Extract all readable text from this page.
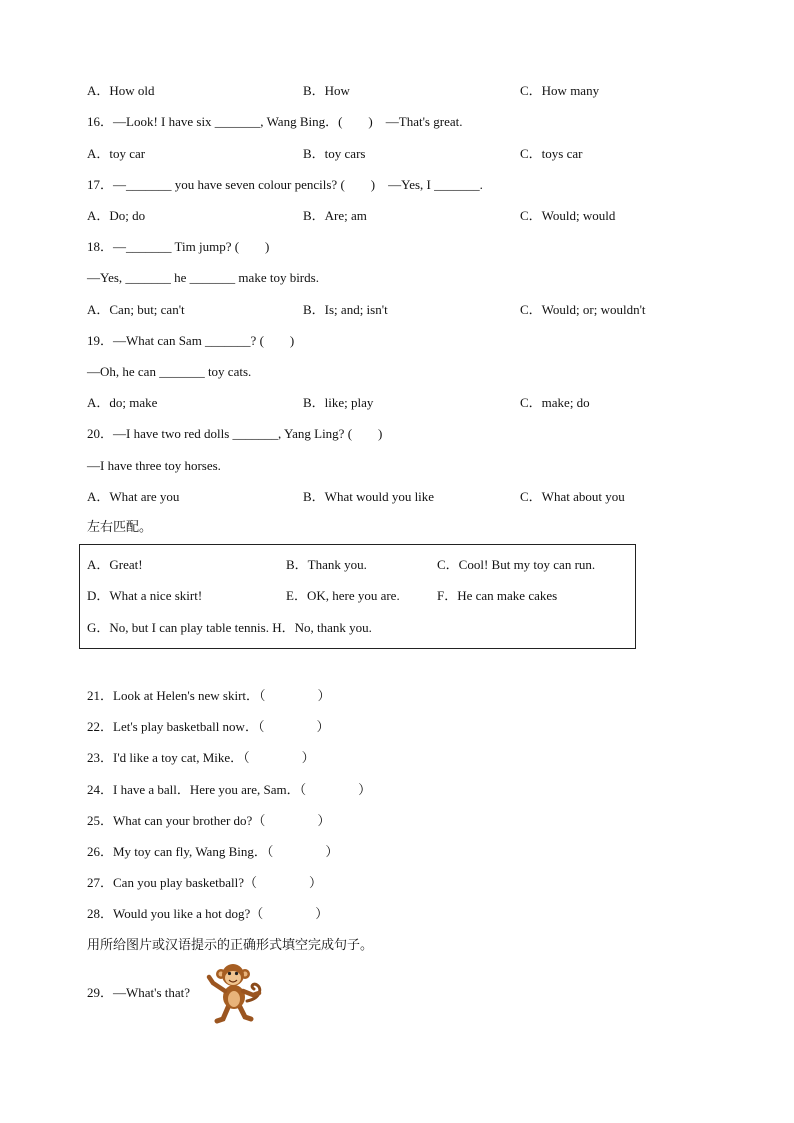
A．How old	B．How	C．How many
16．—Look! I have six _______, Wang Bing．(　　)　—That's great.
A．toy car	B．toy cars	C．toys car
17．—_______ you have seven colour pencils? (　　)　—Yes, I _______.
A．Do; do	B．Are; am	C．Would; would
18．—_______ Tim jump? (　　)
—Yes, _______ he _______ make toy birds.
A．Can; but; can't	B．Is; and; isn't	C．Would; or; wouldn't
19．—What can Sam _______? (　　)
—Oh, he can _______ toy cats.
A．do; make	B．like; play	C．make; do
20．—I have two red dolls _______, Yang Ling? (　　)
—I have three toy horses.
A．What are you	B．What would you like	C．What about you
左右匹配。
A．Great!	B．Thank you.	C．Cool! But my toy can run.
D．What a nice skirt!	E．OK, here you are.	F．He can make cakes
G．No, but I can play table tennis. H．No, thank you.
21．Look at Helen's new skirt．（　　　　）
22．Let's play basketball now．（　　　　）
23．I'd like a toy cat, Mike．（　　　　）
24．I have a ball．Here you are, Sam．（　　　　）
25．What can your brother do?（　　　　）
26．My toy can fly, Wang Bing．（　　　　）
27．Can you play basketball?（　　　　）
28．Would you like a hot dog?（　　　　）
用所给图片或汉语提示的正确形式填空完成句子。
29．—What's that?
